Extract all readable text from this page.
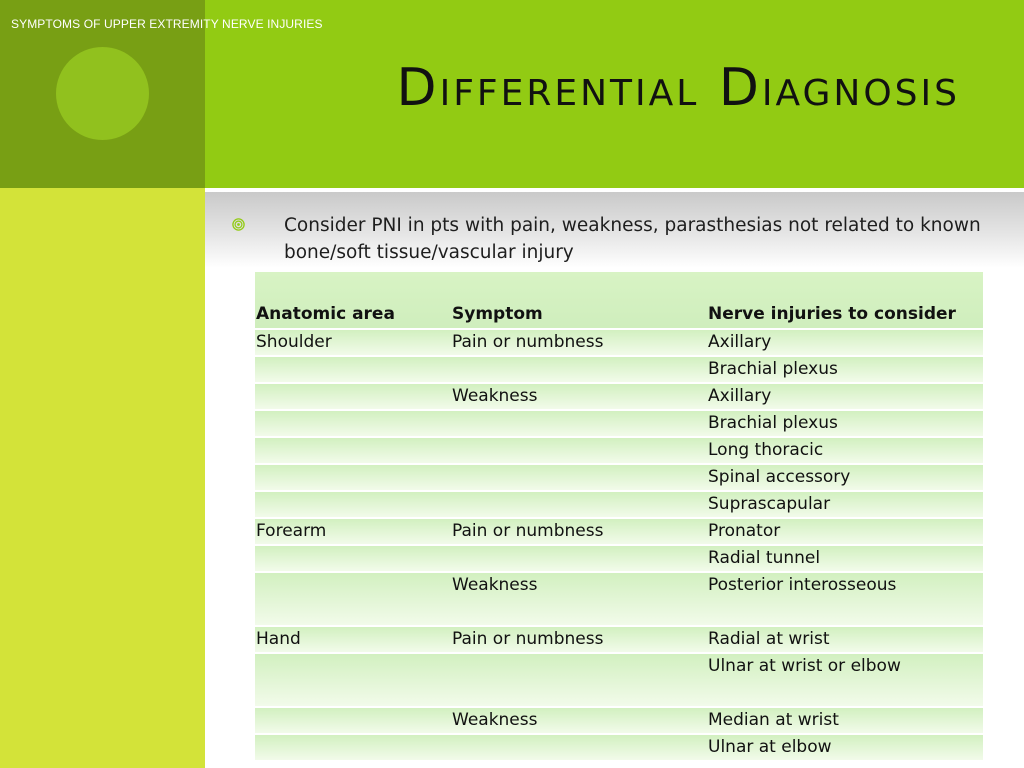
SYMPTOMS OF UPPER EXTREMITY NERVE INJURIES
Differential Diagnosis

Consider PNI in pts with pain, weakness, parasthesias not related to known bone/soft tissue/vascular injury

Anatomic area	Symptom	Nerve injuries to consider
Shoulder	Pain or numbness	Axillary
		Brachial plexus
	Weakness	Axillary
		Brachial plexus
		Long thoracic
		Spinal accessory
		Suprascapular
Forearm	Pain or numbness	Pronator
		Radial tunnel
	Weakness	Posterior interosseous
Hand	Pain or numbness	Radial at wrist
		Ulnar at wrist or elbow
	Weakness	Median at wrist
		Ulnar at elbow
